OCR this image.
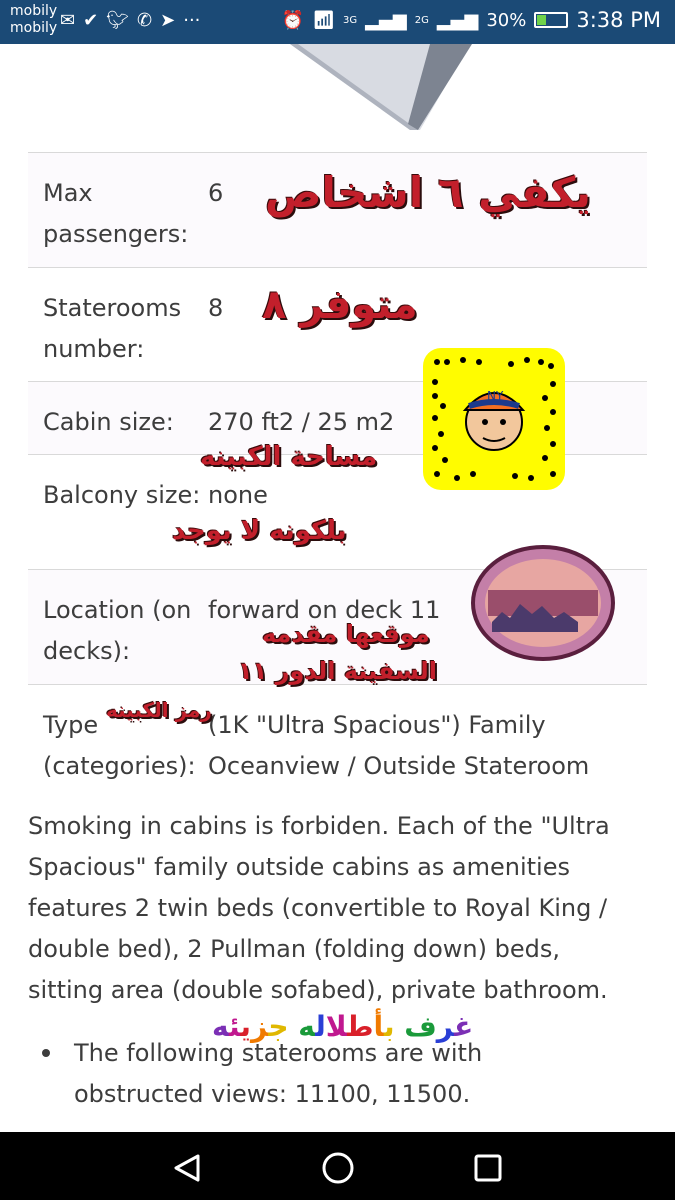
mobily
mobily ✉ ✔ 🐦︎ ✆ ➤ ···	⏰ 📶︎ 3G ▂▄▆ 2G ▂▄▆ 30% 3:38 PM
Max passengers:
6
Staterooms number:
8
Cabin size:	270 ft2 / 25 m2
Balcony size: none
Location (on decks):
forward on deck 11
Type (categories):
(1K "Ultra Spacious") Family Oceanview / Outside Stateroom
Smoking in cabins is forbiden. Each of the "Ultra Spacious" family outside cabins as amenities features 2 twin beds (convertible to Royal King / double bed), 2 Pullman (folding down) beds, sitting area (double sofabed), private bathroom.
The following staterooms are with obstructed views: 11100, 11500.
يكفي ٦ اشخاص
متوفر ٨
مساحة الكبينه
بلكونه لا يوجد
موقعها مقدمه
السفينة الدور ١١
رمز الكبينه
غرف بأطلله جزيئه
NY
